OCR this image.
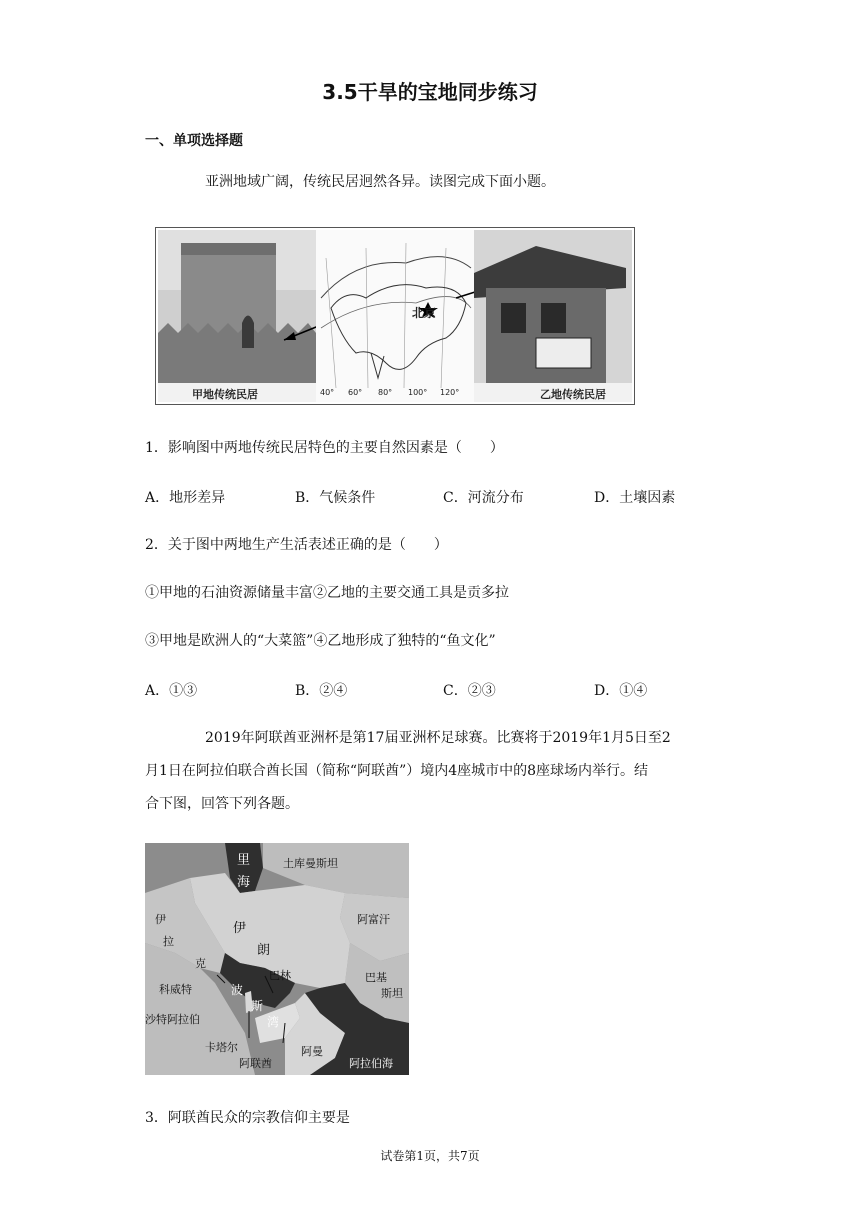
3.5干旱的宝地同步练习
一、单项选择题
亚洲地域广阔，传统民居迥然各异。读图完成下面小题。
甲地传统民居	乙地传统民居
北京
40° 60° 80° 100° 120°
1．影响图中两地传统民居特色的主要自然因素是（　　）
A．地形差异	B．气候条件	C．河流分布	D．土壤因素
2．关于图中两地生产生活表述正确的是（　　）
①甲地的石油资源储量丰富②乙地的主要交通工具是贡多拉
③甲地是欧洲人的“大菜篮”④乙地形成了独特的“鱼文化”
A．①③	B．②④	C．②③	D．①④
2019年阿联酋亚洲杯是第17届亚洲杯足球赛。比赛将于2019年1月5日至2
月1日在阿拉伯联合酋长国（简称“阿联酋”）境内4座城市中的8座球场内举行。结
合下图，回答下列各题。
里
海
土库曼斯坦
伊
拉
克
伊
朗
阿富汗
巴基
斯坦
巴林
波
斯
湾
科威特
沙特阿拉伯
卡塔尔
阿联酋
阿曼
阿拉伯海
3．阿联酋民众的宗教信仰主要是
试卷第1页，共7页
